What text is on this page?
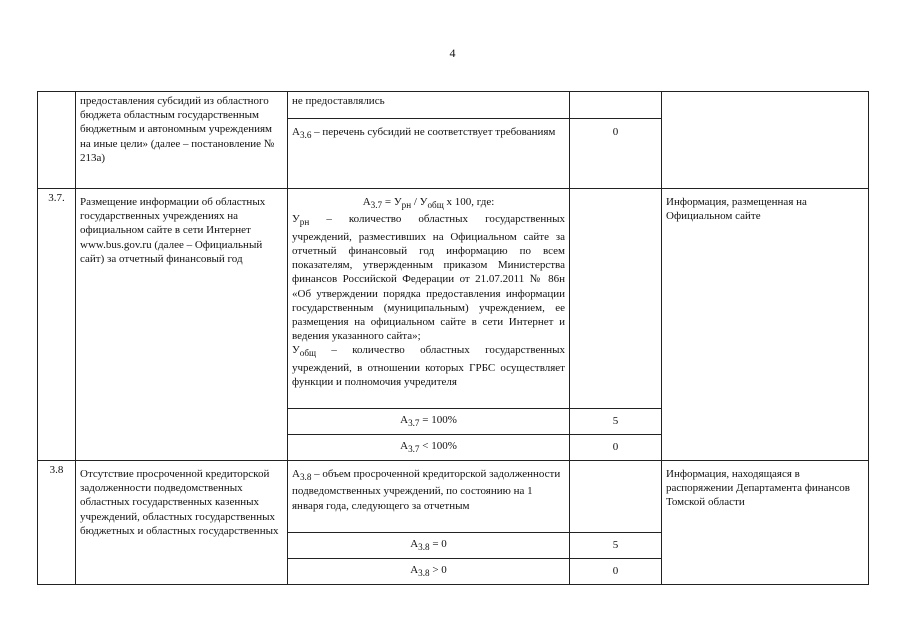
4
	предоставления субсидий из областного бюджета областным государственным бюджетным и автономным учреждениям на иные цели» (далее – постановление № 213а)	не предоставлялись		
		$А_{3.6}$ – перечень субсидий не соответствует требованиям	0	
3.7.	Размещение информации об областных государственных учреждениях на официальном сайте в сети Интернет www.bus.gov.ru (далее – Официальный сайт) за отчетный финансовый год	$А_{3.7} = У_{рн} / У_{общ}$ х 100, где:
$У_{рн}$ – количество областных государственных учреждений, разместивших на Официальном сайте за отчетный финансовый год информацию по всем показателям, утвержденным приказом Министерства финансов Российской Федерации от 21.07.2011 № 86н «Об утверждении порядка предоставления информации государственным (муниципальным) учреждением, ее размещения на официальном сайте в сети Интернет и ведения указанного сайта»;
$У_{общ}$ – количество областных государственных учреждений, в отношении которых ГРБС осуществляет функции и полномочия учредителя		Информация, размещенная на Официальном сайте
		$А_{3.7} = 100\%$	5	
		$А_{3.7} < 100\%$	0	
3.8	Отсутствие просроченной кредиторской задолженности подведомственных областных государственных казенных учреждений, областных государственных бюджетных и областных государственных	$А_{3.8}$ – объем просроченной кредиторской задолженности подведомственных учреждений, по состоянию на 1 января года, следующего за отчетным		Информация, находящаяся в распоряжении Департамента финансов Томской области
		$А_{3.8} = 0$	5	
		$А_{3.8} > 0$	0	
